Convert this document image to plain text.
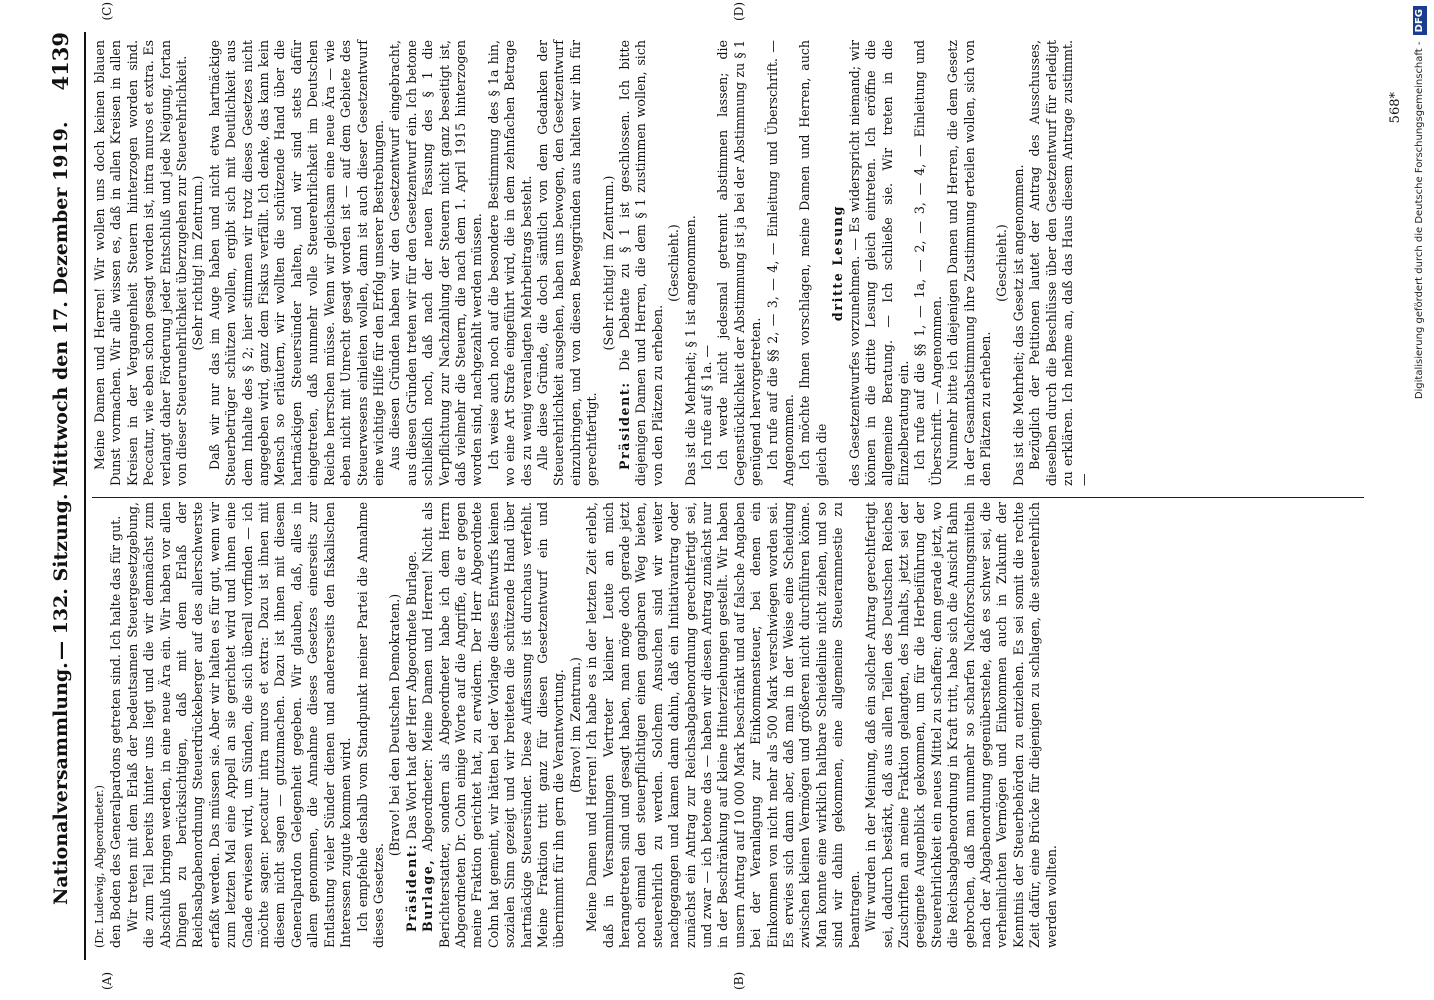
Nationalversammlung.
— 132. Sitzung. Mittwoch den 17. Dezember 1919.
4139
(A)	(B)
(C)	(D)

(Dr. Ludewig, Abgeordneter.) den Boden des Generalpardons getreten sind. Ich halte das für gut. Wir treten mit dem Erlaß der bedeutsamen Steuergesetzgebung, die zum Teil bereits hinter uns liegt und die wir demnächst zum Abschluß bringen werden, in eine neue Ära ein. Wir haben vor allen Dingen zu berücksichtigen, daß mit dem Erlaß der Reichsabgabenordnung Steuerdrückeberger auf des allerschwerste erfaßt werden. Das müssen sie. Aber wir halten es für gut, wenn wir zum letzten Mal eine Appell an sie gerichtet wird und ihnen eine Gnade erwiesen wird, um Sünden, die sich überall vorfinden — ich möchte sagen: peccatur intra muros et extra: Dazu ist ihnen mit diesem nicht sagen — gutzumachen. Dazu ist ihnen mit diesem Generalpardon Gelegenheit gegeben. Wir glauben, daß, alles in allem genommen, die Annahme dieses Gesetzes einerseits zur Entlastung vieler Sünder dienen und andererseits den fiskalischen Interessen zugute kommen wird. Ich empfehle deshalb vom Standpunkt meiner Partei die Annahme dieses Gesetzes.

(Bravo! bei den Deutschen Demokraten.)

Präsident: Das Wort hat der Herr Abgeordnete Burlage.

Burlage, Abgeordneter: Meine Damen und Herren! Nicht als Berichterstatter, sondern als Abgeordneter habe ich dem Herrn Abgeordneten Dr. Cohn einige Worte auf die Angriffe, die er gegen meine Fraktion gerichtet hat, zu erwidern. Der Herr Abgeordnete Cohn hat gemeint, wir hätten bei der Vorlage dieses Entwurfs keinen sozialen Sinn gezeigt und wir breiteten die schützende Hand über hartnäckige Steuersünder. Diese Auffassung ist durchaus verfehlt. Meine Fraktion tritt ganz für diesen Gesetzentwurf ein und übernimmt für ihn gern die Verantwortung. (Bravo! im Zentrum.) Meine Damen und Herren! Ich habe es in der letzten Zeit erlebt, daß in Versammlungen Vertreter kleiner Leute an mich herangetreten sind und gesagt haben, man möge doch gerade jetzt noch einmal den steuerpflichtigen einen gangbaren Weg bieten, steuerehrlich zu werden. Solchem Ansuchen sind wir weiter nachgegangen und kamen dann dahin, daß ein Initiativantrag oder zunächst ein Antrag zur Reichsabgabenordnung gerechtfertigt sei, und zwar — ich betone das — haben wir diesen Antrag zunächst nur in der Beschränkung auf kleine Hinterziehungen gestellt. Wir haben unsern Antrag auf 10 000 Mark beschränkt und auf falsche Angaben bei der Veranlagung zur Einkommensteuer, bei denen ein Einkommen von nicht mehr als 500 Mark verschwiegen worden sei. Es erwies sich dann aber, daß man in der Weise eine Scheidung zwischen kleinen Vermögen und größeren nicht durchführen könne. Man konnte eine wirklich haltbare Scheidelinie nicht ziehen, und so sind wir dahin gekommen, eine allgemeine Steueramnestie zu beantragen. Wir wurden in der Meinung, daß ein solcher Antrag gerechtfertigt sei, dadurch bestärkt, daß aus allen Teilen des Deutschen Reiches Zuschriften an meine Fraktion gelangten, des Inhalts, jetzt sei der geeignete Augenblick gekommen, um für die Herbeiführung der Steuerehrlichkeit ein neues Mittel zu schaffen; denn gerade jetzt, wo die Reichsabgabenordnung in Kraft tritt, habe sich die Ansicht Bahn gebrochen, daß man nunmehr so scharfen Nachforschungsmitteln nach der Abgabenordnung gegenüberstehe, daß es schwer sei, die verheimlichten Vermögen und Einkommen auch in Zukunft der Kenntnis der Steuerbehörden zu entziehen. Es sei somit die rechte Zeit dafür, eine Brücke für diejenigen zu schlagen, die steuerehrlich werden wollten.

Meine Damen und Herren! Wir wollen uns doch keinen blauen Dunst vormachen. Wir alle wissen es, daß in allen Kreisen in allen Kreisen in der Vergangenheit Steuern hinterzogen worden sind. Peccatur, wie eben schon gesagt worden ist, intra muros et extra. Es verlangt daher Förderung jeder Entschluß und jede Neigung, fortan von dieser Steuerunehrlichkeit überzugehen zur Steuerehrlichkeit. (Sehr richtig! im Zentrum.) Daß wir nur das im Auge haben und nicht etwa hartnäckige Steuerbetrüger schützen wollen, ergibt sich mit Deutlichkeit aus dem Inhalte des § 2; hier stimmen wir trotz dieses Gesetzes nicht angegeben wird, ganz dem Fiskus verfällt. Ich denke, das kann kein Mensch so erläutern, wir wollten die schützende Hand über die hartnäckigen Steuersünder halten, und wir sind stets dafür eingetreten, daß nunmehr volle Steuerehrlichkeit im Deutschen Reiche herrschen müsse. Wenn wir gleichsam eine neue Ära — wie eben nicht mit Unrecht gesagt worden ist — auf dem Gebiete des Steuerwesens einleiten wollen, dann ist auch dieser Gesetzentwurf eine wichtige Hilfe für den Erfolg unserer Bestrebungen. Aus diesen Gründen haben wir den Gesetzentwurf eingebracht, aus diesen Gründen treten wir für den Gesetzentwurf ein. Ich betone schließlich noch, daß nach der neuen Fassung des § 1 die Verpflichtung zur Nachzahlung der Steuern nicht ganz beseitigt ist, daß vielmehr die Steuern, die nach dem 1. April 1915 hinterzogen worden sind, nachgezahlt werden müssen. Ich weise auch noch auf die besondere Bestimmung des § 1a hin, wo eine Art Strafe eingeführt wird, die in dem zehnfachen Betrage des zu wenig veranlagten Mehrbeitrags besteht. Alle diese Gründe, die doch sämtlich von dem Gedanken der Steuerehrlichkeit ausgehen, haben uns bewogen, den Gesetzentwurf einzubringen, und von diesen Beweggründen aus halten wir ihn für gerechtfertigt.

(Sehr richtig! im Zentrum.)

Präsident: Die Debatte zu § 1 ist geschlossen. Ich bitte diejenigen Damen und Herren, die dem § 1 zustimmen wollen, sich von den Plätzen zu erheben.

(Geschieht.) Das ist die Mehrheit; § 1 ist angenommen. Ich rufe auf § 1a. — Ich werde nicht jedesmal getrennt abstimmen lassen; die Gegenstücklichkeit der Abstimmung ist ja bei der Abstimmung zu § 1 genügend hervorgetreten. Ich rufe auf die §§ 2, — 3, — 4, — Einleitung und Überschrift. — Angenommen. Ich möchte Ihnen vorschlagen, meine Damen und Herren, auch gleich die

dritte Lesung des Gesetzentwurfes vorzunehmen. — Es widerspricht niemand; wir können in die dritte Lesung gleich eintreten. Ich eröffne die allgemeine Beratung. — Ich schließe sie. Wir treten in die Einzelberatung ein. Ich rufe auf die §§ 1, — 1a, — 2, — 3, — 4, — Einleitung und Überschrift. — Angenommen. Nunmehr bitte ich diejenigen Damen und Herren, die dem Gesetz in der Gesamtabstimmung ihre Zustimmung erteilen wollen, sich von den Plätzen zu erheben.

(Geschieht.) Das ist die Mehrheit; das Gesetz ist angenommen. Bezüglich der Petitionen lautet der Antrag des Ausschusses, dieselben durch die Beschlüsse über den Gesetzentwurf für erledigt zu erklären. Ich nehme an, daß das Haus diesem Antrage zustimmt. —

568*	Digitalisierung gefördert durch die Deutsche Forschungsgemeinschaft - DFG
